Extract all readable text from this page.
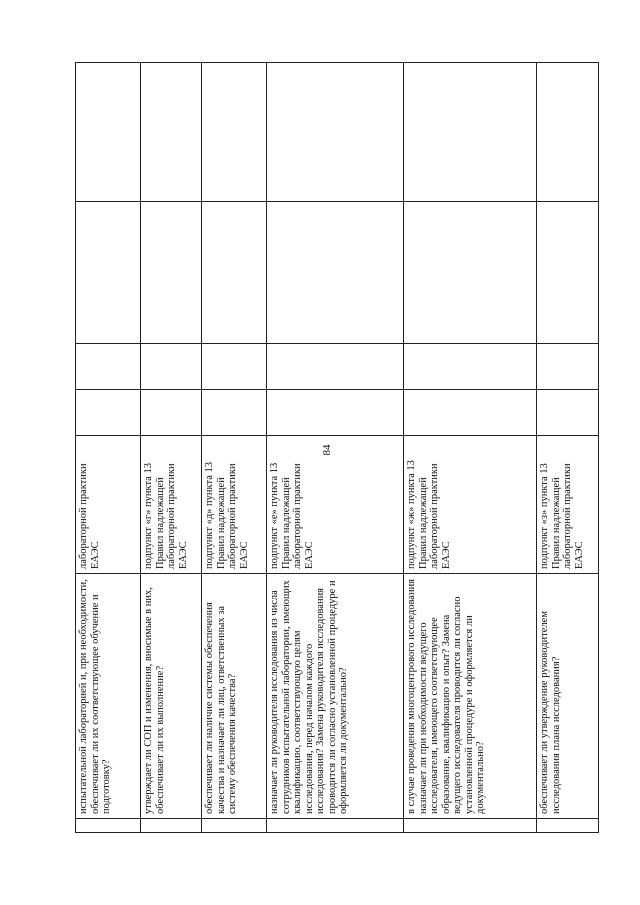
84
	испытательной лабораторией и, при необходимости, обеспечивает ли их соответствующее обучение и подготовку?	лабораторной практики ЕАЭС				
	утверждает ли СОП и изменения, вносимые в них, обеспечивает ли их выполнение?	подпункт «г» пункта 13 Правил надлежащей лабораторной практики ЕАЭС				
	обеспечивает ли наличие системы обеспечения качества и назначает ли лиц, ответственных за систему обеспечения качества?	подпункт «д» пункта 13 Правил надлежащей лабораторной практики ЕАЭС				
	назначает ли руководителя исследования из числа сотрудников испытательной лаборатории, имеющих квалификацию, соответствующую целям исследования, перед началом каждого исследования? Замена руководителя исследования проводится ли согласно установленной процедуре и оформляется ли документально?	подпункт «е» пункта 13 Правил надлежащей лабораторной практики ЕАЭС				
	в случае проведения многоцентрового исследования назначает ли при необходимости ведущего исследователя, имеющего соответствующее образование, квалификацию и опыт? Замена ведущего исследователя проводится ли согласно установленной процедуре и оформляется ли документально?	подпункт «ж» пункта 13 Правил надлежащей лабораторной практики ЕАЭС				
	обеспечивает ли утверждение руководителем исследования плана исследования?	подпункт «з» пункта 13 Правил надлежащей лабораторной практики ЕАЭС				
